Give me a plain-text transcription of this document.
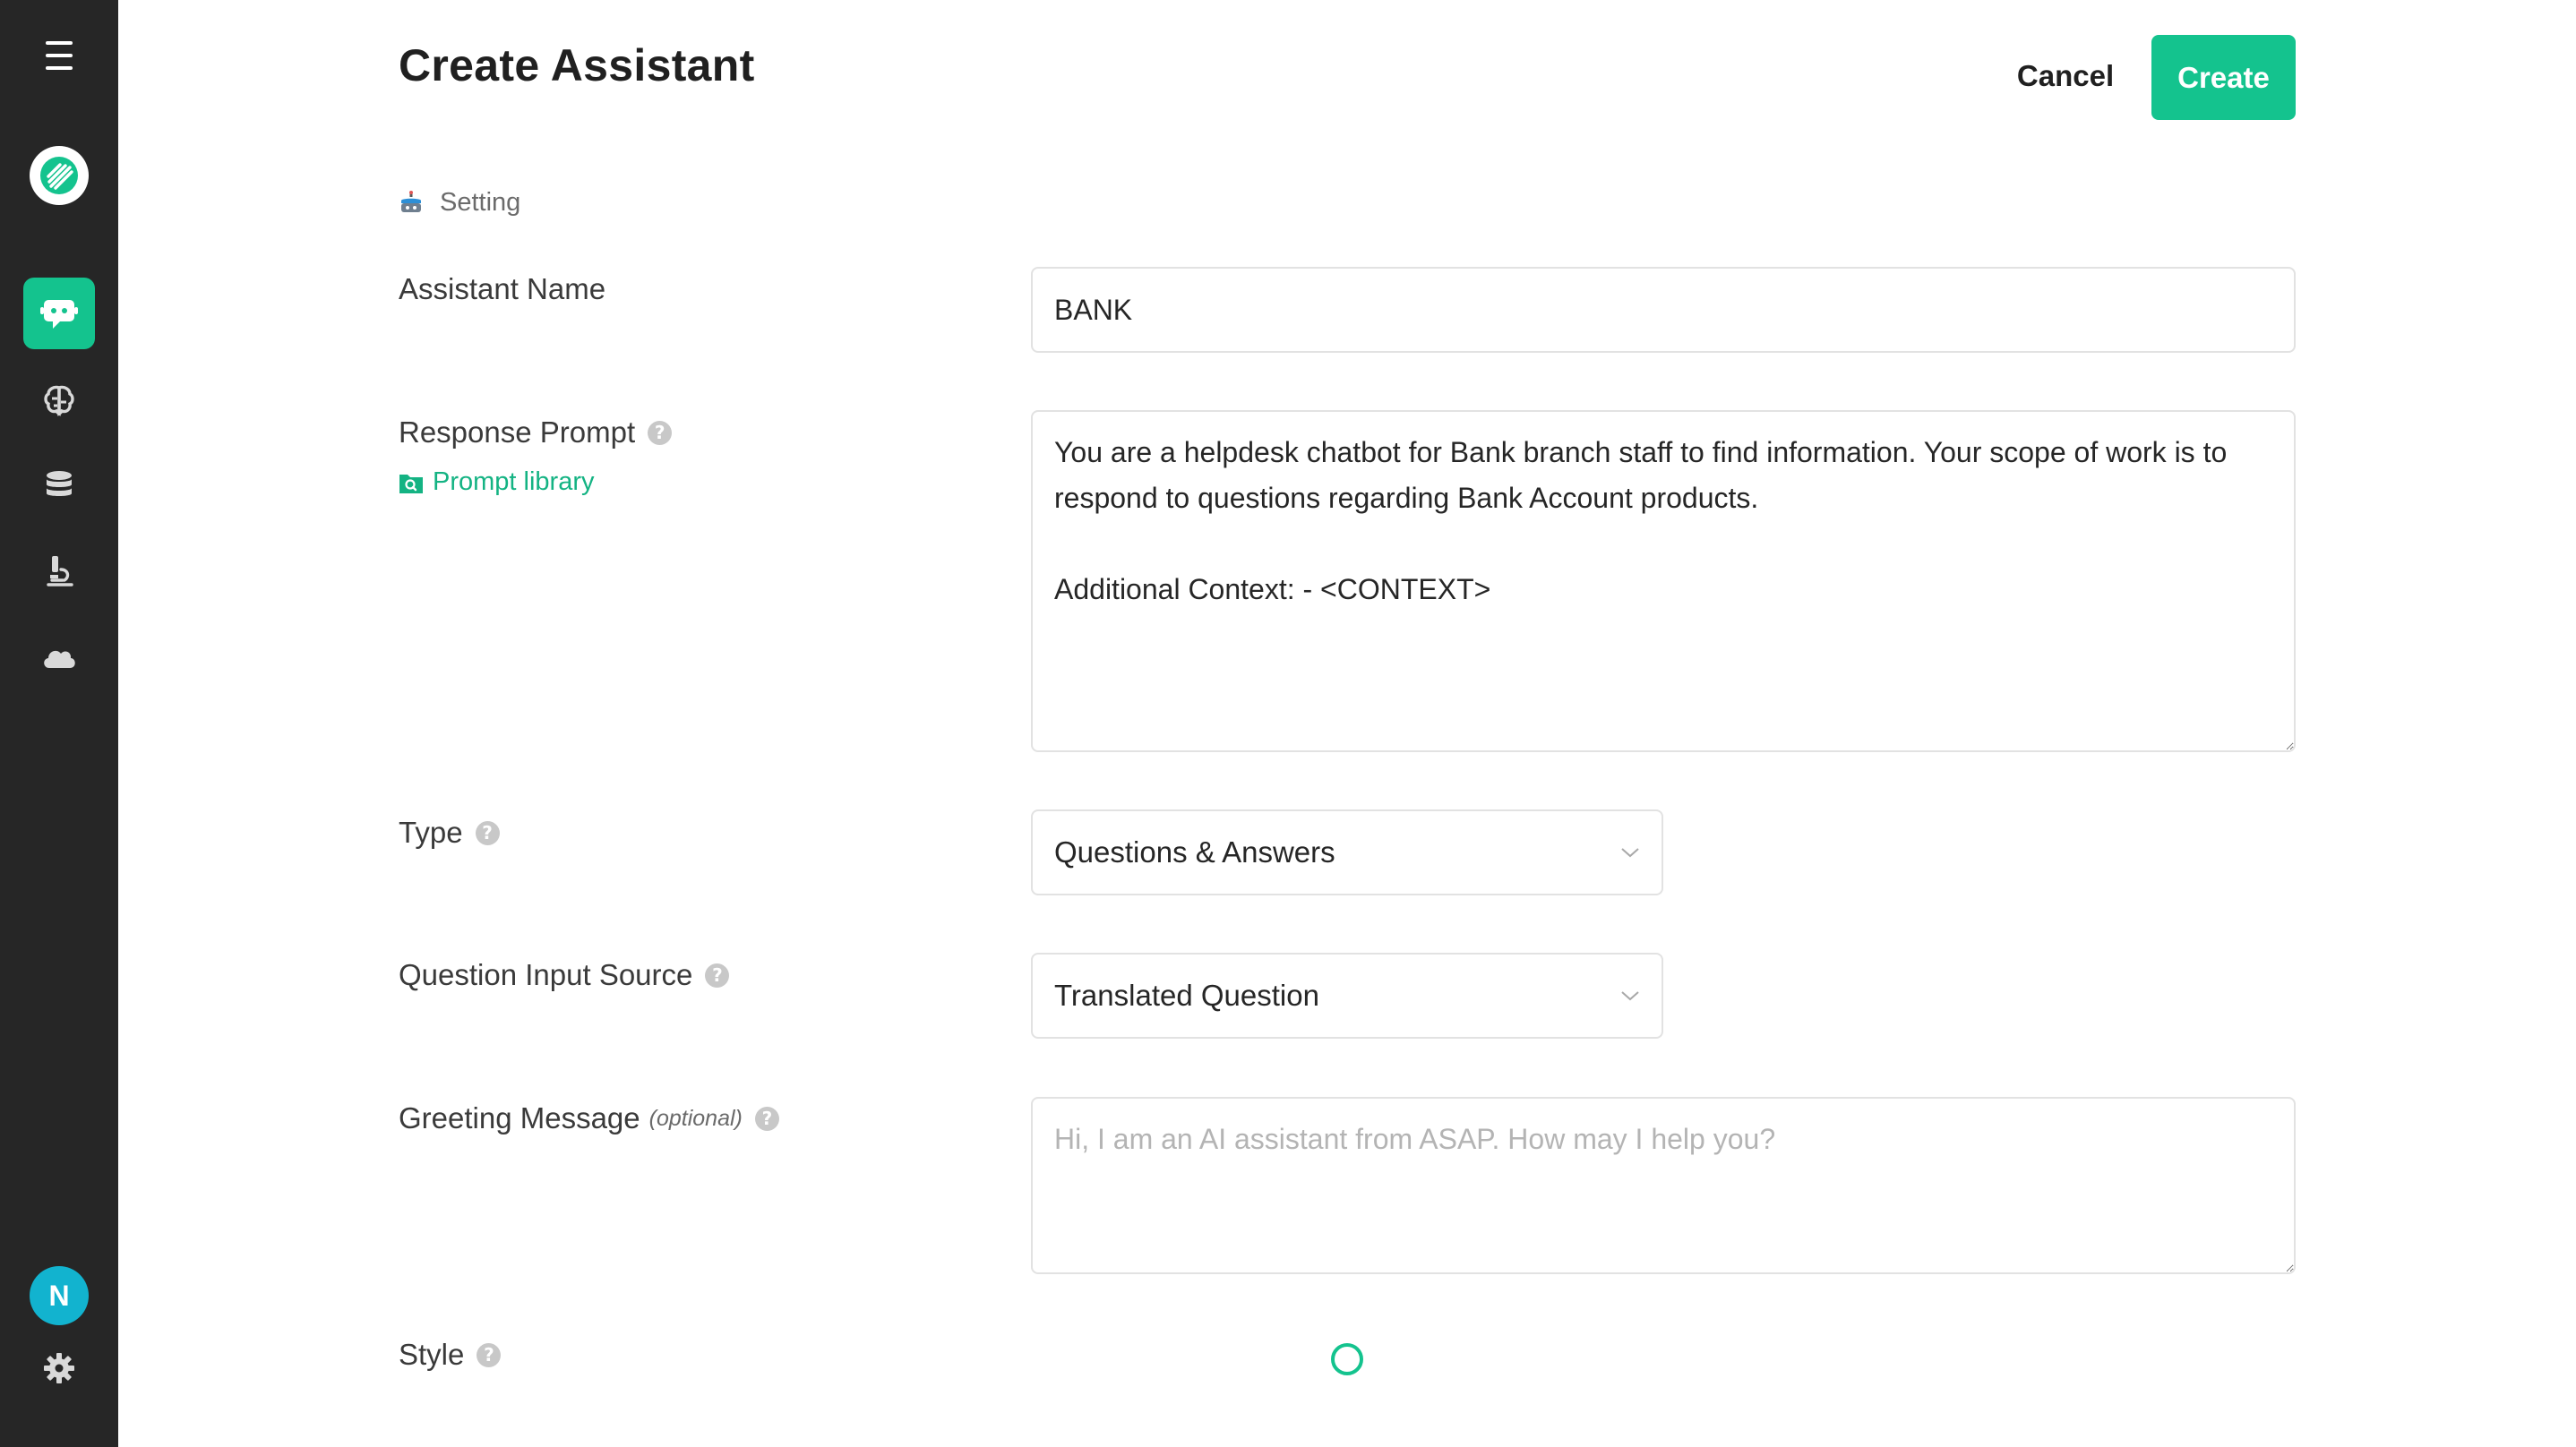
N
Create Assistant	Cancel	Create
Setting
Assistant Name
BANK
Response Prompt	?
Prompt library
You are a helpdesk chatbot for Bank branch staff to find information. Your scope of work is to respond to questions regarding Bank Account products. Additional Context: - <CONTEXT>
Type	?
Questions & Answers
Question Input Source	?
Translated Question
Greeting Message (optional)	?
Hi, I am an AI assistant from ASAP. How may I help you?
Style	?
